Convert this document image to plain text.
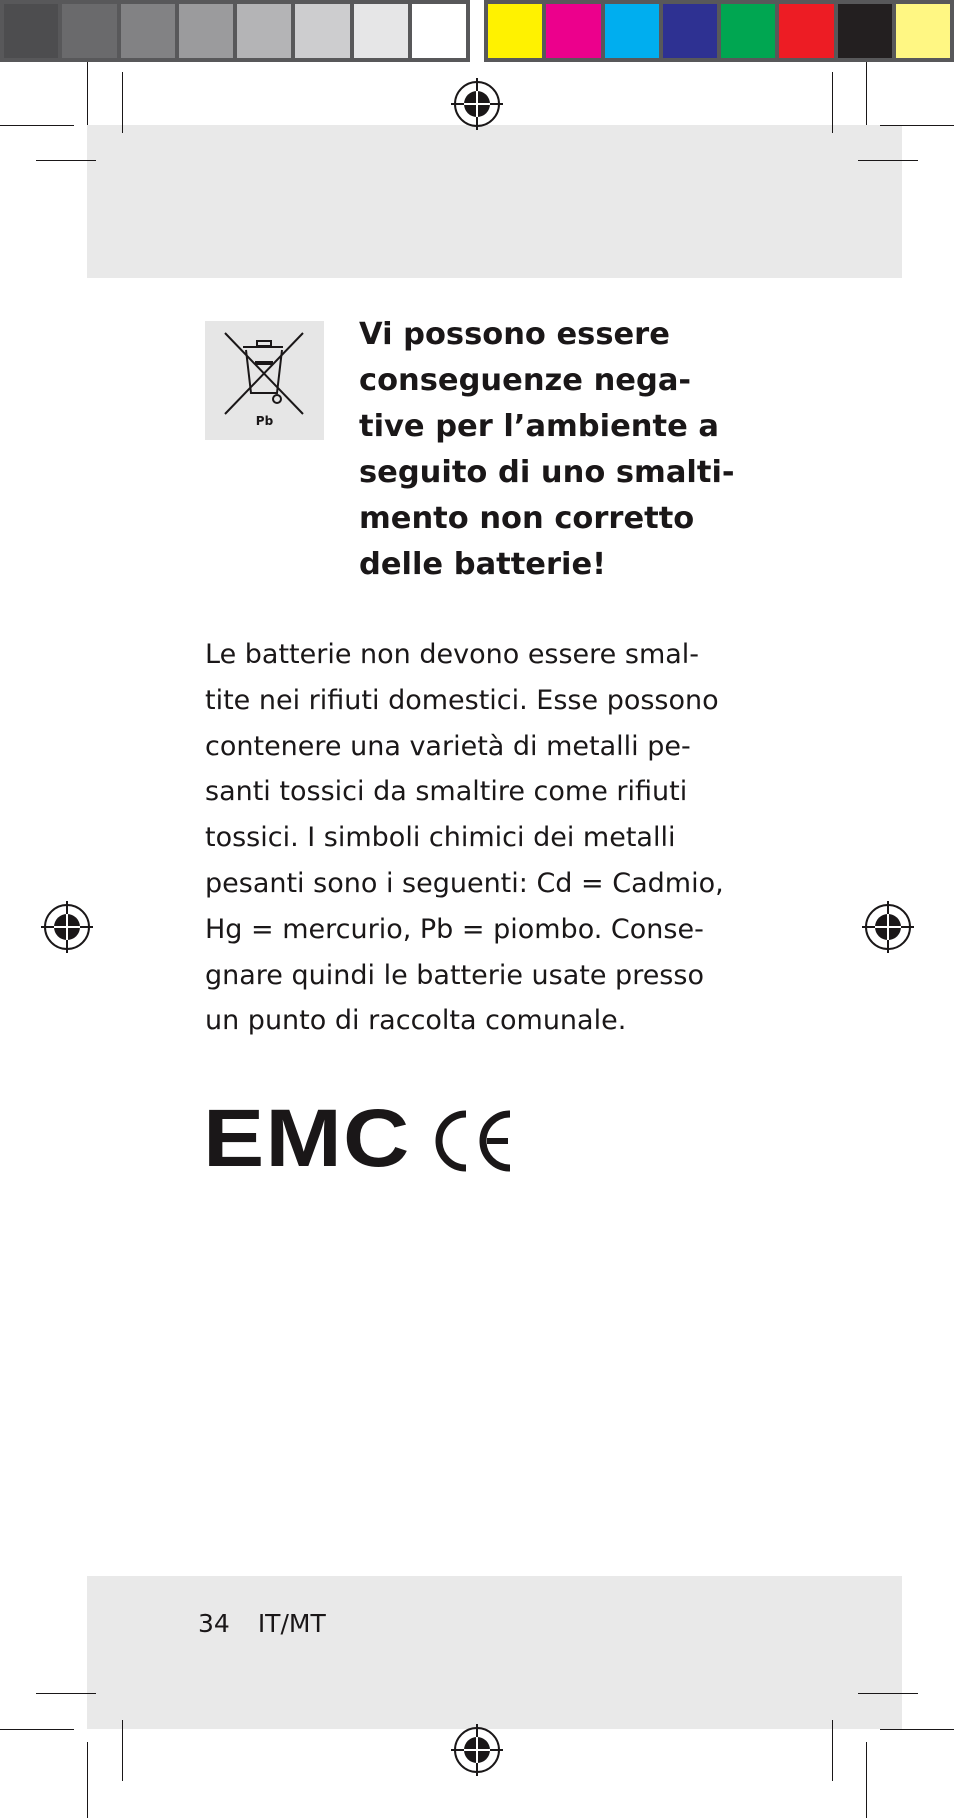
Pb

Vi possono essere
conseguenze nega-
tive per l’ambiente a
seguito di uno smalti-
mento non corretto
delle batterie!

Le batterie non devono essere smal-
tite nei rifiuti domestici. Esse possono
contenere una varietà di metalli pe-
santi tossici da smaltire come rifiuti
tossici. I simboli chimici dei metalli
pesanti sono i seguenti: Cd = Cadmio,
Hg = mercurio, Pb = piombo. Conse-
gnare quindi le batterie usate presso
un punto di raccolta comunale.

EMC
34 IT/MT
